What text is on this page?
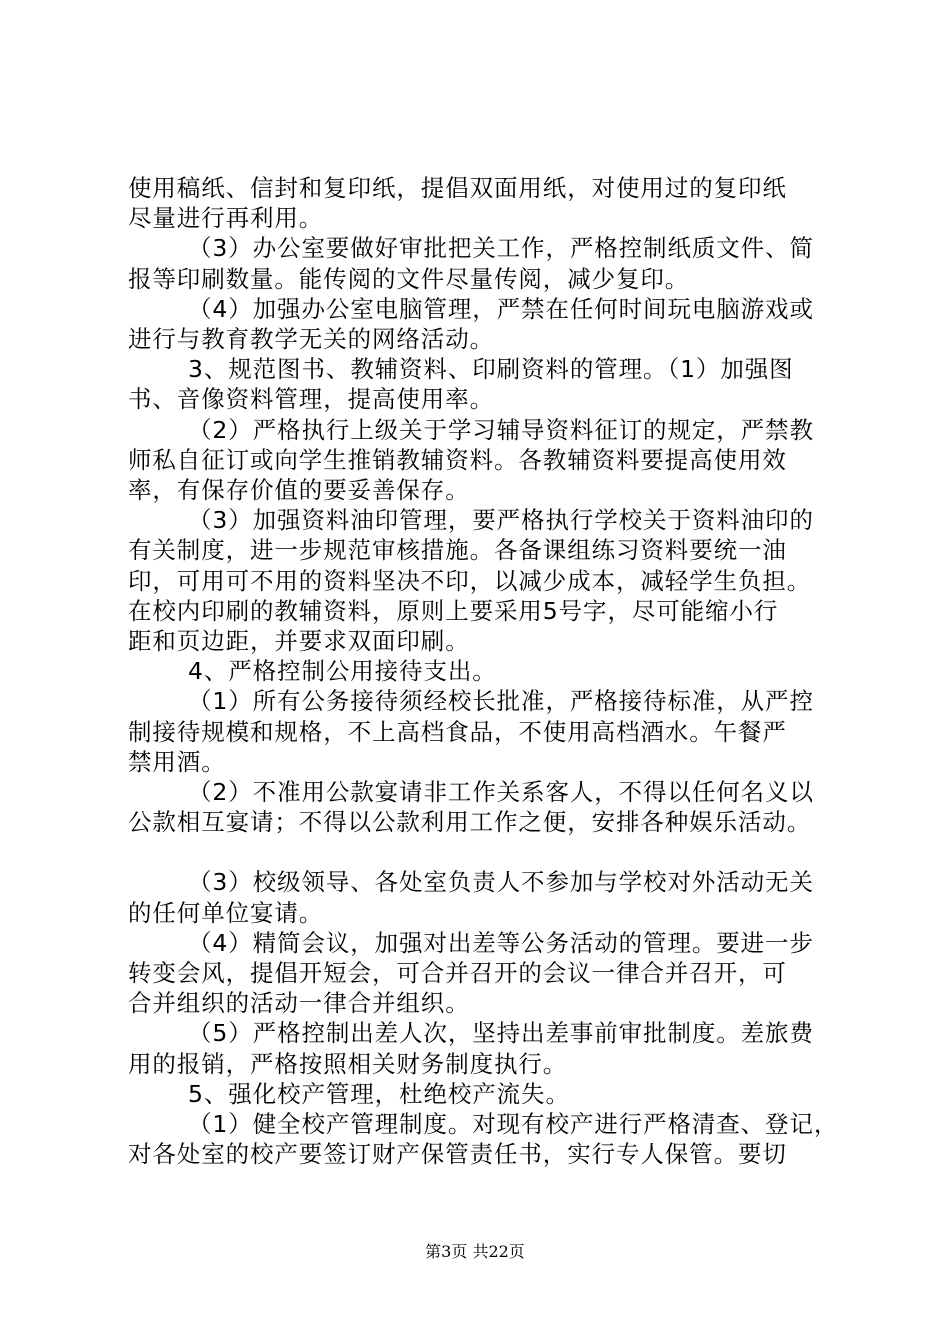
使用稿纸、信封和复印纸，提倡双面用纸，对使用过的复印纸

尽量进行再利用。

（3）办公室要做好审批把关工作，严格控制纸质文件、简

报等印刷数量。能传阅的文件尽量传阅，减少复印。

（4）加强办公室电脑管理，严禁在任何时间玩电脑游戏或

进行与教育教学无关的网络活动。

3、规范图书、教辅资料、印刷资料的管理。（1）加强图

书、音像资料管理，提高使用率。

（2）严格执行上级关于学习辅导资料征订的规定，严禁教

师私自征订或向学生推销教辅资料。各教辅资料要提高使用效

率，有保存价值的要妥善保存。

（3）加强资料油印管理，要严格执行学校关于资料油印的

有关制度，进一步规范审核措施。各备课组练习资料要统一油

印，可用可不用的资料坚决不印，以减少成本，减轻学生负担。

在校内印刷的教辅资料，原则上要采用5号字，尽可能缩小行

距和页边距，并要求双面印刷。

4、严格控制公用接待支出。

（1）所有公务接待须经校长批准，严格接待标准，从严控

制接待规模和规格，不上高档食品，不使用高档酒水。午餐严

禁用酒。

（2）不准用公款宴请非工作关系客人，不得以任何名义以

公款相互宴请；不得以公款利用工作之便，安排各种娱乐活动。

（3）校级领导、各处室负责人不参加与学校对外活动无关

的任何单位宴请。

（4）精简会议，加强对出差等公务活动的管理。要进一步

转变会风，提倡开短会，可合并召开的会议一律合并召开，可

合并组织的活动一律合并组织。

（5）严格控制出差人次，坚持出差事前审批制度。差旅费

用的报销，严格按照相关财务制度执行。

5、强化校产管理，杜绝校产流失。

（1）健全校产管理制度。对现有校产进行严格清查、登记，

对各处室的校产要签订财产保管责任书，实行专人保管。要切

第3页 共22页
